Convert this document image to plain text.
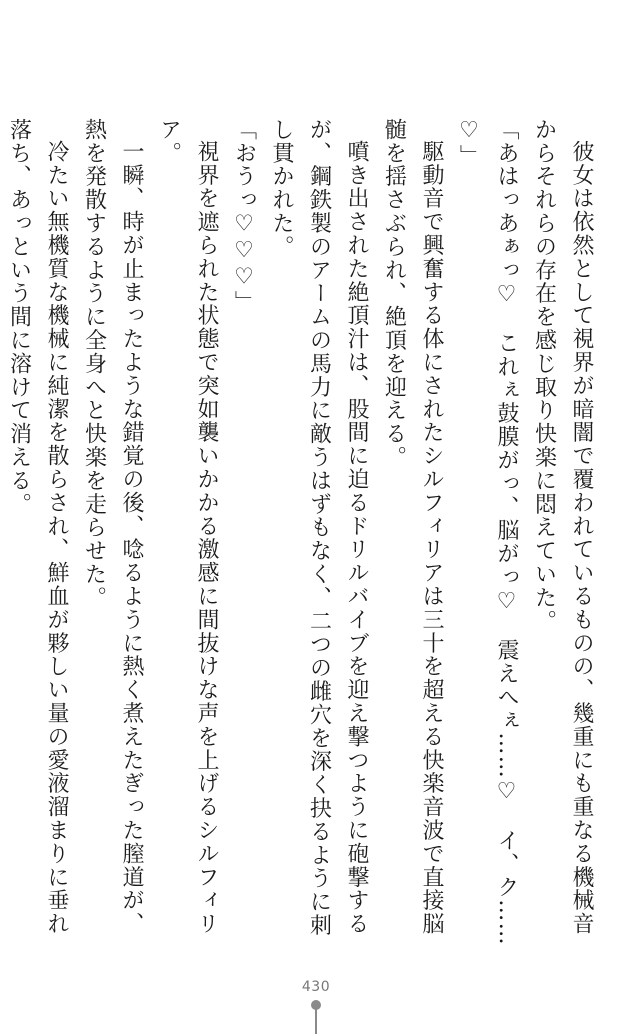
彼女は依然として視界が暗闇で覆われているものの、幾重にも重なる機械音からそれらの存在を感じ取り快楽に悶えていた。

「あはっあぁっ♡　これぇ鼓膜がっ、脳がっ♡　震えへぇ……♡　イ、ク……♡」

駆動音で興奮する体にされたシルフィリアは三十を超える快楽音波で直接脳髄を揺さぶられ、絶頂を迎える。

噴き出された絶頂汁は、股間に迫るドリルバイブを迎え撃つように砲撃するが、鋼鉄製のアームの馬力に敵うはずもなく、二つの雌穴を深く抉るように刺し貫かれた。

「おうっ♡♡♡」

視界を遮られた状態で突如襲いかかる激感に間抜けな声を上げるシルフィリア。

一瞬、時が止まったような錯覚の後、唸るように熱く煮えたぎった膣道が、熱を発散するように全身へと快楽を走らせた。

冷たい無機質な機械に純潔を散らされ、鮮血が夥しい量の愛液溜まりに垂れ落ち、あっという間に溶けて消える。

430
